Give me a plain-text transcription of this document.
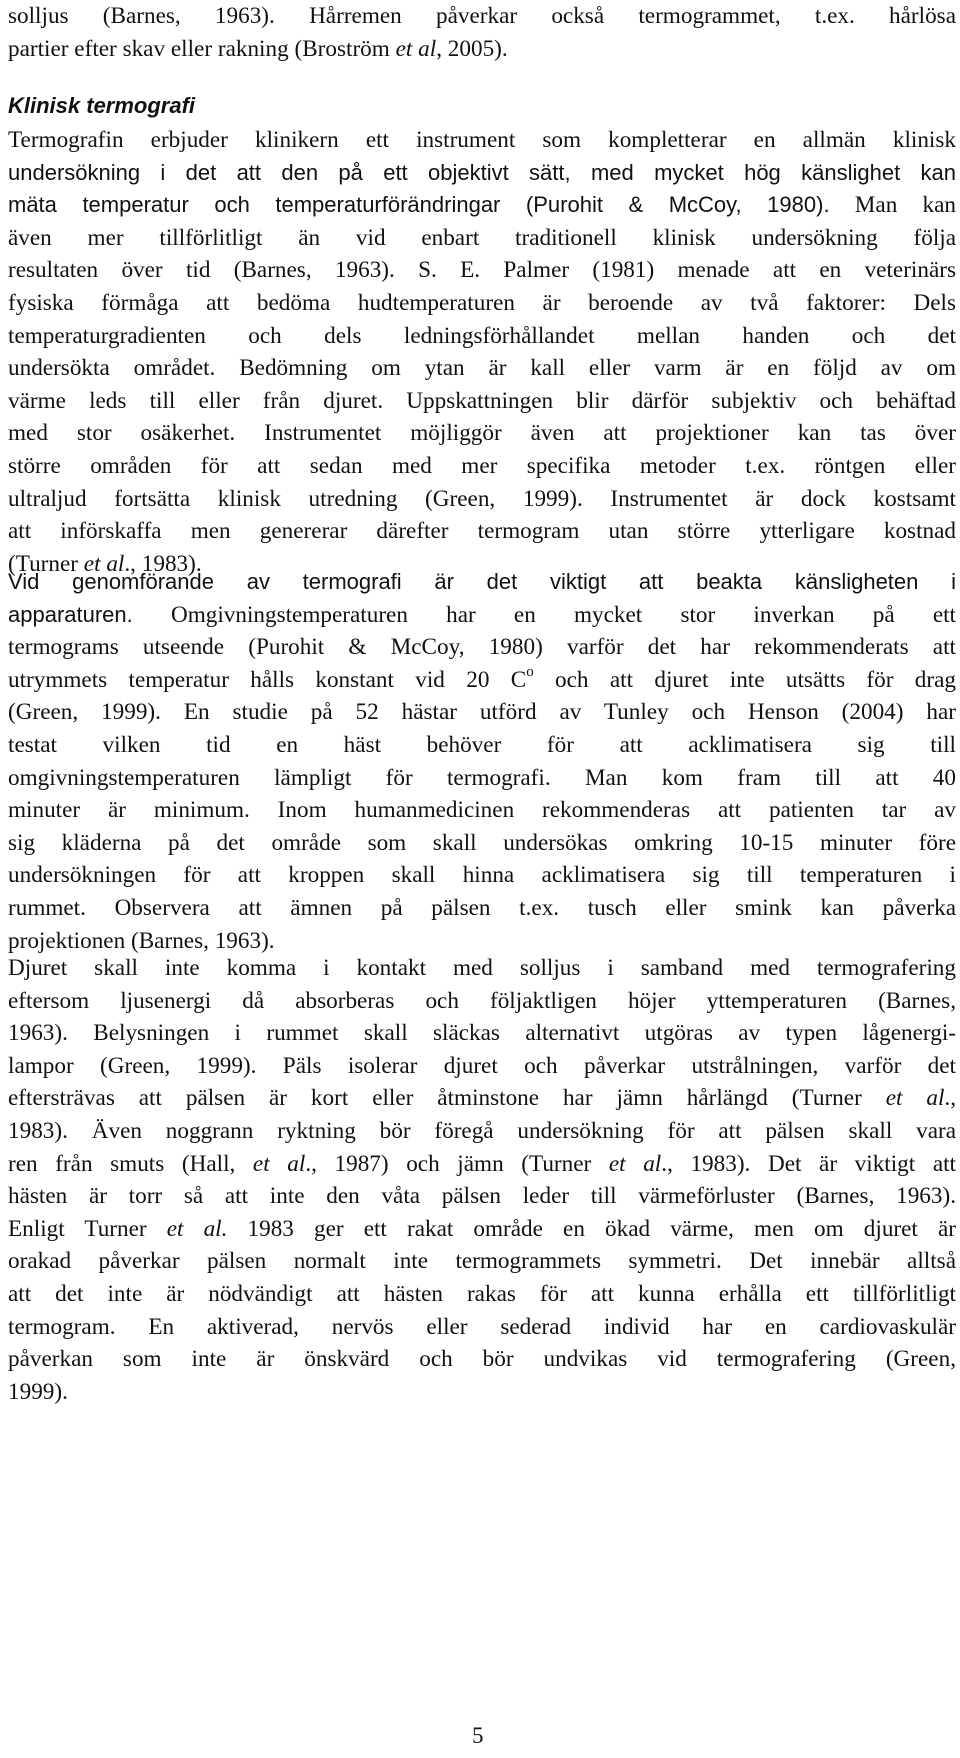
solljus (Barnes, 1963). Hårremen påverkar också termogrammet, t.ex. hårlösa
partier efter skav eller rakning (Broström et al, 2005).
Klinisk termografi
Termografin erbjuder klinikern ett instrument som kompletterar en allmän klinisk
undersökning i det att den på ett objektivt sätt, med mycket hög känslighet kan
mäta temperatur och temperaturförändringar (Purohit & McCoy, 1980). Man kan
även mer tillförlitligt än vid enbart traditionell klinisk undersökning följa
resultaten över tid (Barnes, 1963). S. E. Palmer (1981) menade att en veterinärs
fysiska förmåga att bedöma hudtemperaturen är beroende av två faktorer: Dels
temperaturgradienten och dels ledningsförhållandet mellan handen och det
undersökta området. Bedömning om ytan är kall eller varm är en följd av om
värme leds till eller från djuret. Uppskattningen blir därför subjektiv och behäftad
med stor osäkerhet. Instrumentet möjliggör även att projektioner kan tas över
större områden för att sedan med mer specifika metoder t.ex. röntgen eller
ultraljud fortsätta klinisk utredning (Green, 1999). Instrumentet är dock kostsamt
att införskaffa men genererar därefter termogram utan större ytterligare kostnad
(Turner et al., 1983).
Vid genomförande av termografi är det viktigt att beakta känsligheten i
apparaturen. Omgivningstemperaturen har en mycket stor inverkan på ett
termograms utseende (Purohit & McCoy, 1980) varför det har rekommenderats att
utrymmets temperatur hålls konstant vid 20 $C^o$ och att djuret inte utsätts för drag
(Green, 1999). En studie på 52 hästar utförd av Tunley och Henson (2004) har
testat vilken tid en häst behöver för att acklimatisera sig till
omgivningstemperaturen lämpligt för termografi. Man kom fram till att 40
minuter är minimum. Inom humanmedicinen rekommenderas att patienten tar av
sig kläderna på det område som skall undersökas omkring 10-15 minuter före
undersökningen för att kroppen skall hinna acklimatisera sig till temperaturen i
rummet. Observera att ämnen på pälsen t.ex. tusch eller smink kan påverka
projektionen (Barnes, 1963).
Djuret skall inte komma i kontakt med solljus i samband med termografering
eftersom ljusenergi då absorberas och följaktligen höjer yttemperaturen (Barnes,
1963). Belysningen i rummet skall släckas alternativt utgöras av typen lågenergi-
lampor (Green, 1999). Päls isolerar djuret och påverkar utstrålningen, varför det
eftersträvas att pälsen är kort eller åtminstone har jämn hårlängd (Turner et al.,
1983). Även noggrann ryktning bör föregå undersökning för att pälsen skall vara
ren från smuts (Hall, et al., 1987) och jämn (Turner et al., 1983). Det är viktigt att
hästen är torr så att inte den våta pälsen leder till värmeförluster (Barnes, 1963).
Enligt Turner et al. 1983 ger ett rakat område en ökad värme, men om djuret är
orakad påverkar pälsen normalt inte termogrammets symmetri. Det innebär alltså
att det inte är nödvändigt att hästen rakas för att kunna erhålla ett tillförlitligt
termogram. En aktiverad, nervös eller sederad individ har en cardiovaskulär
påverkan som inte är önskvärd och bör undvikas vid termografering (Green,
1999).
5
